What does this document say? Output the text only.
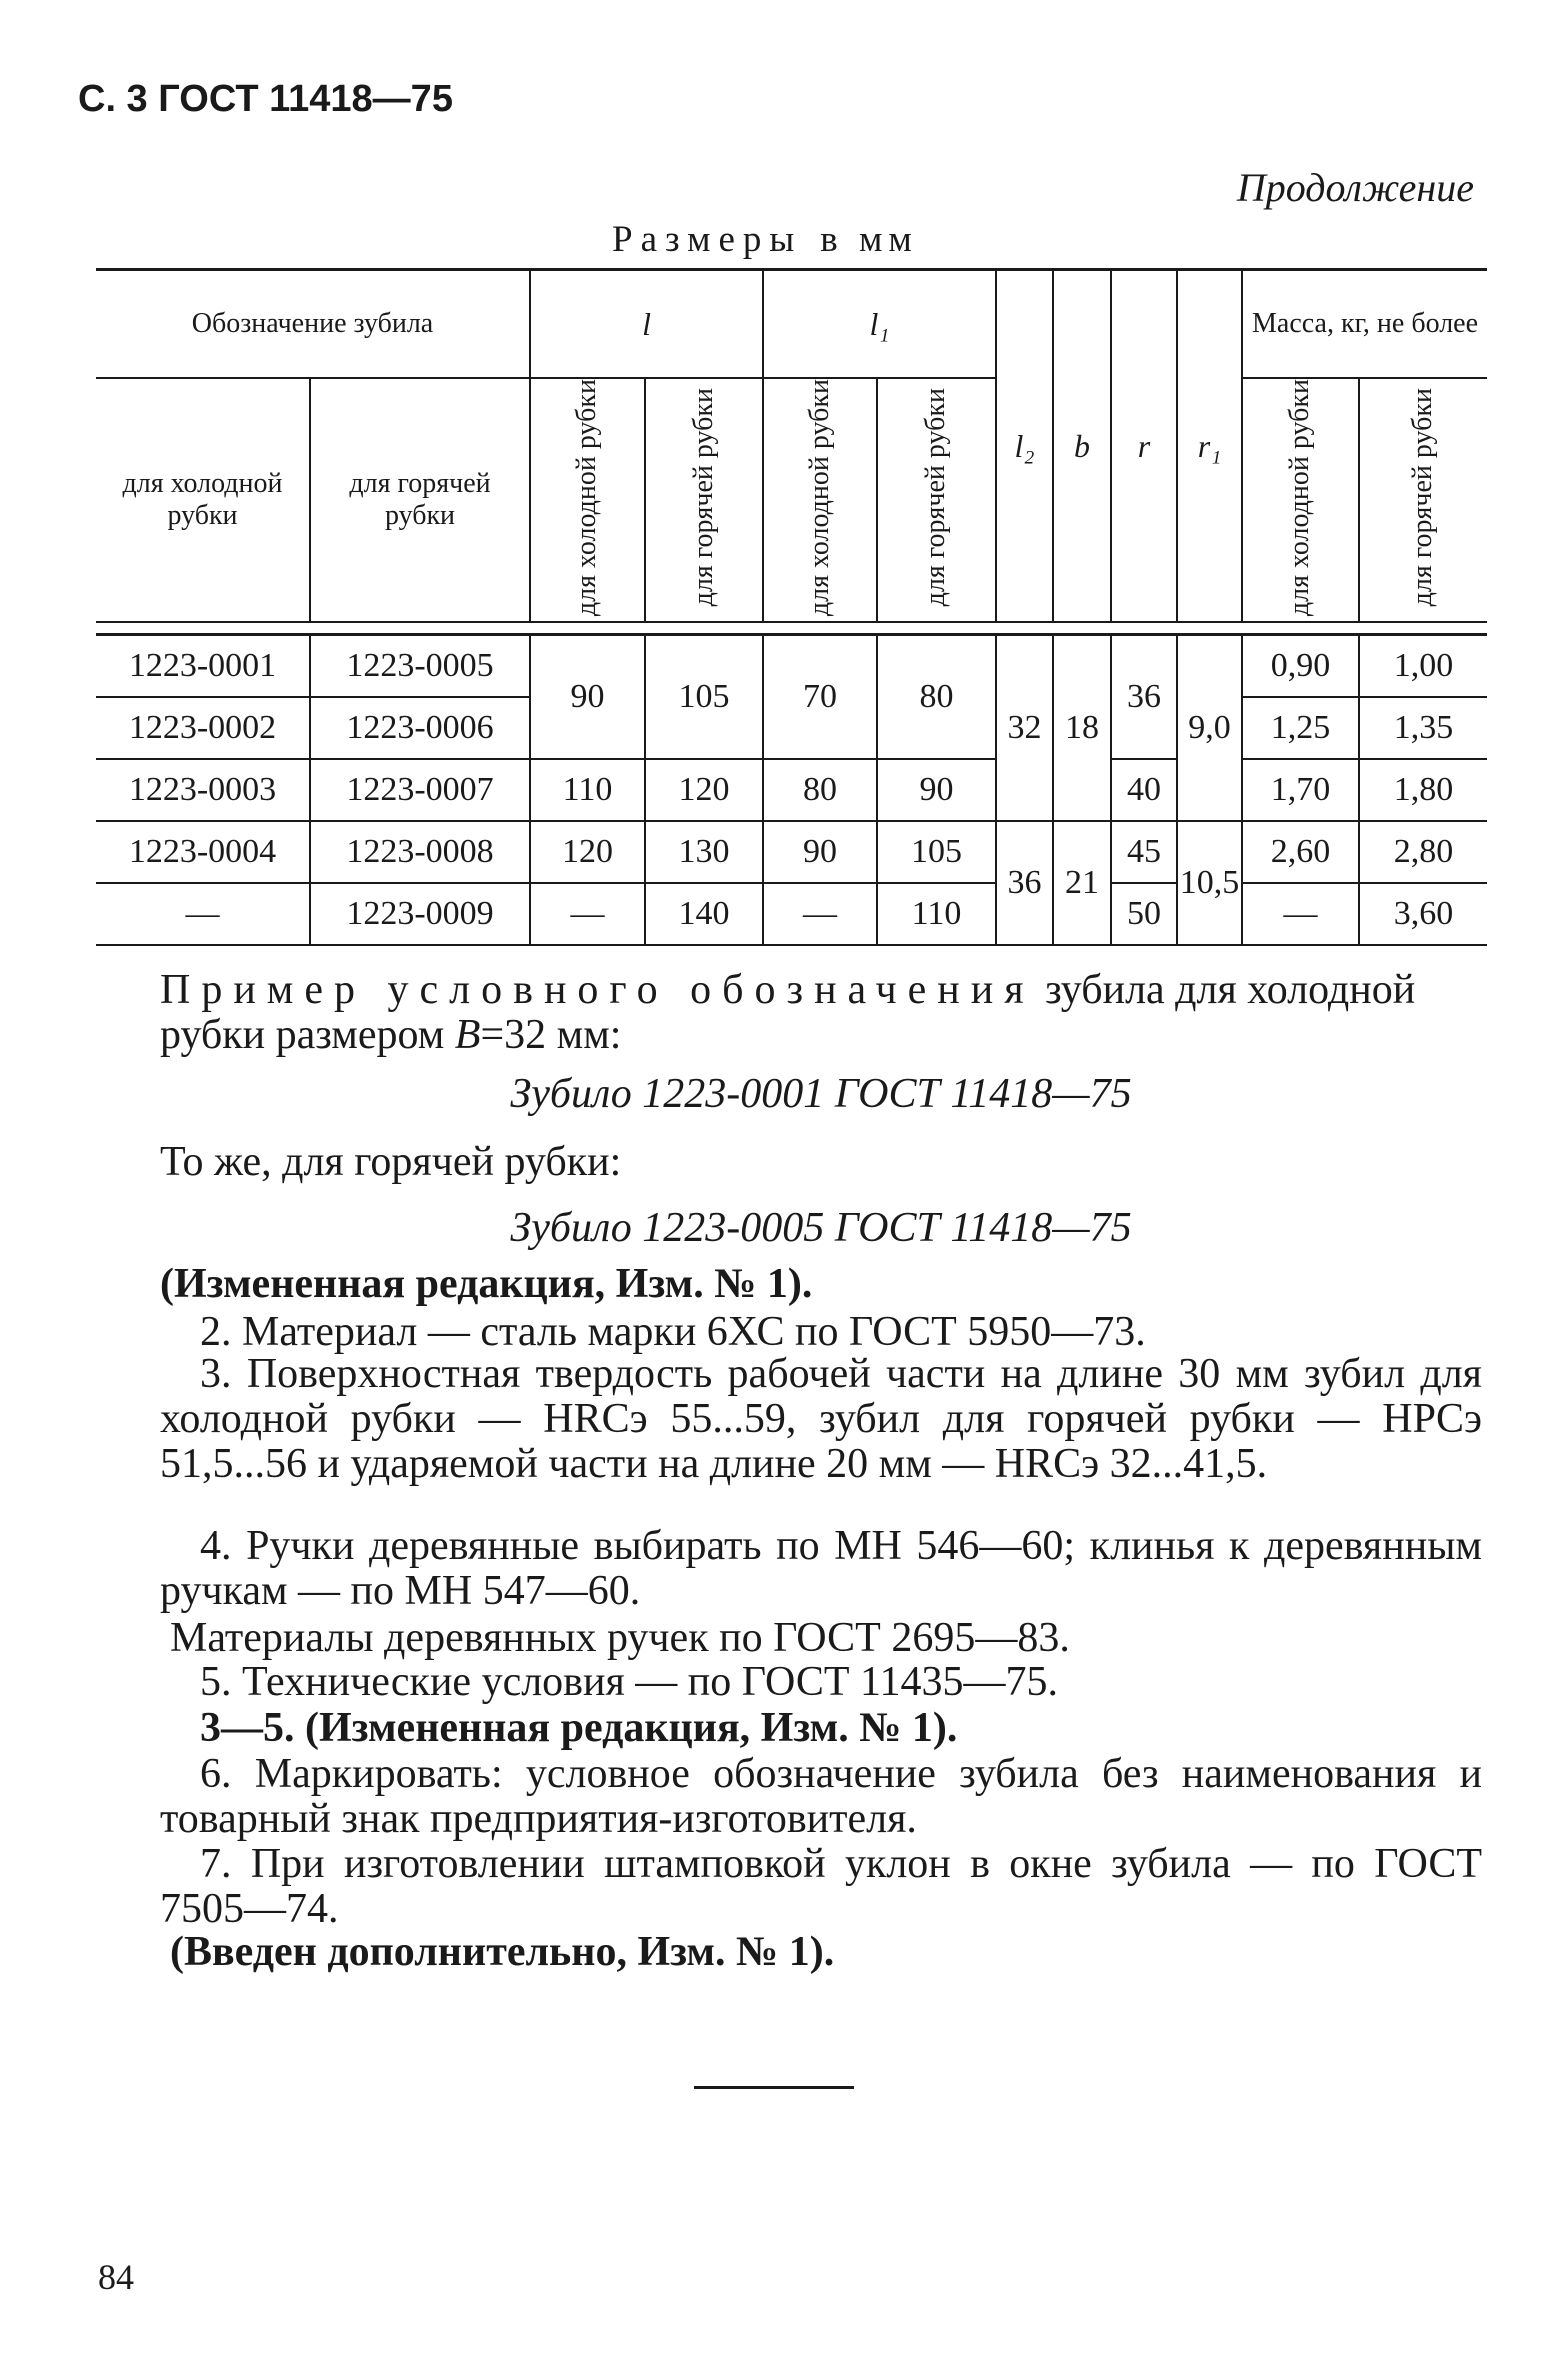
С. 3 ГОСТ 11418—75
Продолжение
Размеры в мм
Обозначение зубила		l		l₁		l₂	b	r	r₁	Масса, кг, не более	
для холодной рубки	для горячей рубки	для холодной рубки	для горячей рубки	для холодной рубки	для горячей рубки					для холодной рубки	для горячей рубки

1223-0001	1223-0005	90	105	70	80	32	18	36	9,0	0,90	1,00
1223-0002	1223-0006									1,25	1,35
1223-0003	1223-0007	110	120	80	90			40		1,70	1,80
1223-0004	1223-0008	120	130	90	105	36	21	45	10,5	2,60	2,80
—	1223-0009	—	140	—	110			50		—	3,60
Пример условного обозначения зубила для холодной рубки размером B=32 мм:
Зубило 1223-0001 ГОСТ 11418—75
То же, для горячей рубки:
Зубило 1223-0005 ГОСТ 11418—75
(Измененная редакция, Изм. № 1).
2. Материал — сталь марки 6ХС по ГОСТ 5950—73.
3. Поверхностная твердость рабочей части на длине 30 мм зубил для холодной рубки — HRCэ 55...59, зубил для горячей рубки — HPCэ 51,5...56 и ударяемой части на длине 20 мм — HRCэ 32...41,5.
4. Ручки деревянные выбирать по МН 546—60; клинья к деревянным ручкам — по МН 547—60.
Материалы деревянных ручек по ГОСТ 2695—83.
5. Технические условия — по ГОСТ 11435—75.
3—5. (Измененная редакция, Изм. № 1).
6. Маркировать: условное обозначение зубила без наименования и товарный знак предприятия-изготовителя.
7. При изготовлении штамповкой уклон в окне зубила — по ГОСТ 7505—74.
(Введен дополнительно, Изм. № 1).
84
